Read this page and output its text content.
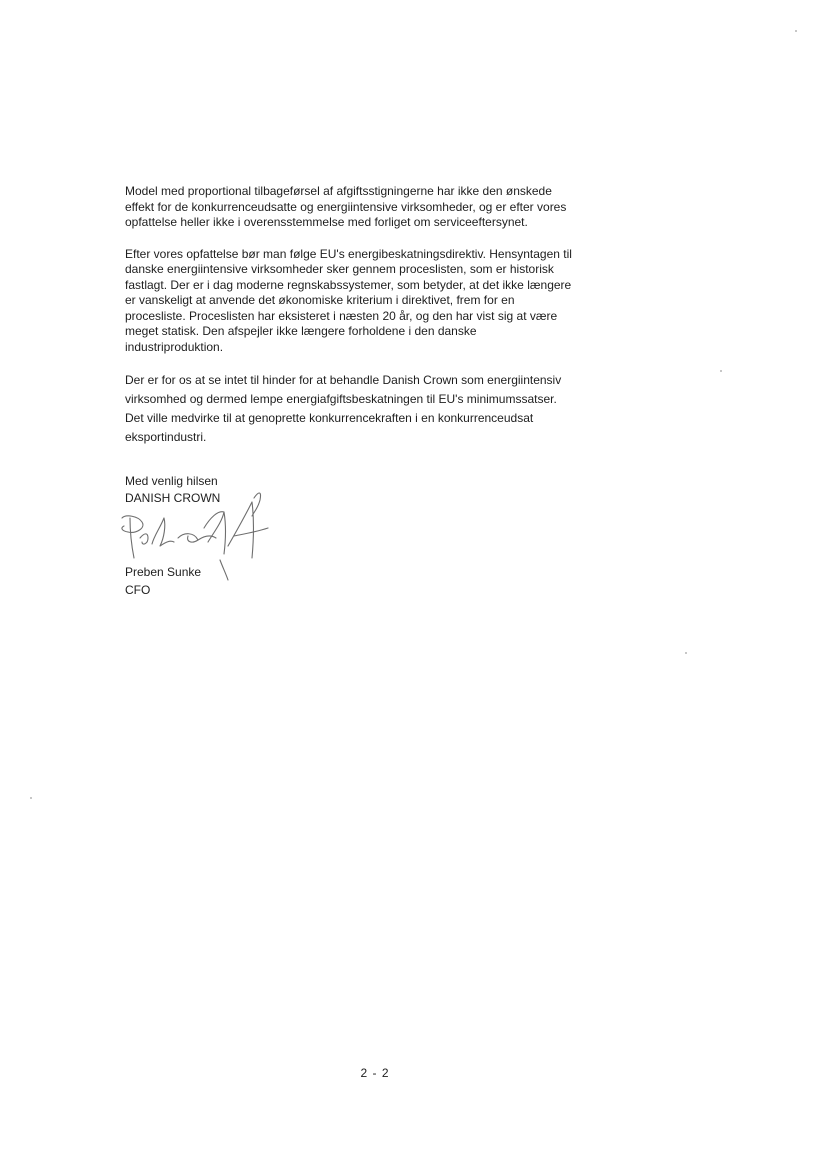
Model med proportional tilbageførsel af afgiftsstigningerne har ikke den ønskede
effekt for de konkurrenceudsatte og energiintensive virksomheder, og er efter vores
opfattelse heller ikke i overensstemmelse med forliget om serviceeftersynet.
Efter vores opfattelse bør man følge EU's energibeskatningsdirektiv. Hensyntagen til
danske energiintensive virksomheder sker gennem proceslisten, som er historisk
fastlagt. Der er i dag moderne regnskabssystemer, som betyder, at det ikke længere
er vanskeligt at anvende det økonomiske kriterium i direktivet, frem for en
procesliste. Proceslisten har eksisteret i næsten 20 år, og den har vist sig at være
meget statisk. Den afspejler ikke længere forholdene i den danske
industriproduktion.
Der er for os at se intet til hinder for at behandle Danish Crown som energiintensiv
virksomhed og dermed lempe energiafgiftsbeskatningen til EU's minimumssatser.
Det ville medvirke til at genoprette konkurrencekraften i en konkurrenceudsat
eksportindustri.
Med venlig hilsen
DANISH CROWN
Preben Sunke
CFO
2 - 2
